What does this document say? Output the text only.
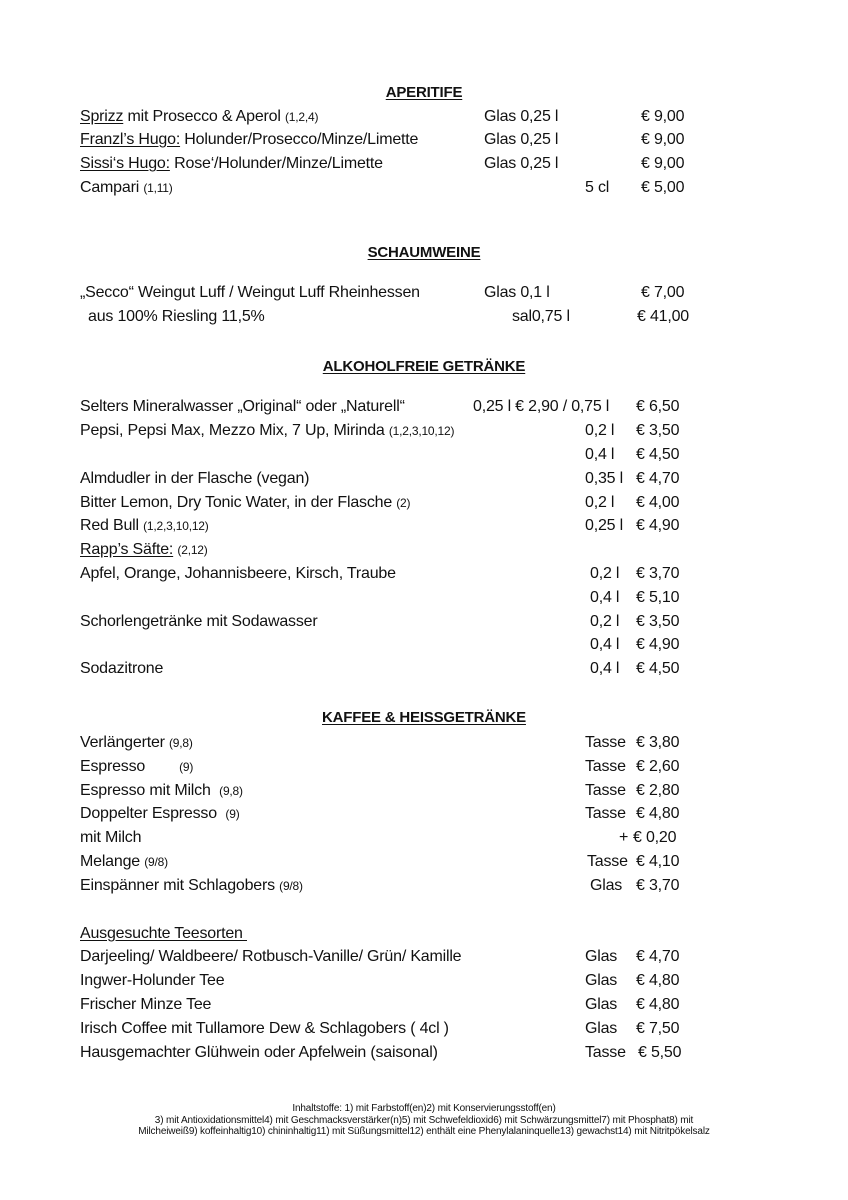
APERITIFE
Sprizz mit Prosecco & Aperol (1,2,4)	Glas 0,25 l	€ 9,00
Franzl’s Hugo: Holunder/Prosecco/Minze/Limette	Glas 0,25 l	€ 9,00
Sissi‘s Hugo: Rose‘/Holunder/Minze/Limette	Glas 0,25 l	€ 9,00
Campari (1,11)	5 cl € 5,00
SCHAUMWEINE
„Secco“ Weingut Luff / Weingut Luff Rheinhessen	Glas 0,1 l	€ 7,00
aus 100% Riesling 11,5%	sal0,75 l	€ 41,00
ALKOHOLFREIE GETRÄNKE
Selters Mineralwasser „Original“ oder „Naturell“	0,25 l € 2,90 / 0,75 l € 6,50
Pepsi, Pepsi Max, Mezzo Mix, 7 Up, Mirinda (1,2,3,10,12)	0,2 l € 3,50
0,4 l € 4,50
Almdudler in der Flasche (vegan)	0,35 l € 4,70
Bitter Lemon, Dry Tonic Water, in der Flasche (2)	0,2 l € 4,00
Red Bull (1,2,3,10,12)	0,25 l € 4,90
Rapp’s Säfte: (2,12)
Apfel, Orange, Johannisbeere, Kirsch, Traube	0,2 l € 3,70
0,4 l € 5,10
Schorlengetränke mit Sodawasser	0,2 l € 3,50
0,4 l € 4,90
Sodazitrone	0,4 l € 4,50
KAFFEE & HEISSGETRÄNKE
Verlängerter (9,8)	Tasse € 3,80
Espresso        (9)	Tasse € 2,60
Espresso mit Milch  (9,8)	Tasse € 2,80
Doppelter Espresso  (9)	Tasse € 4,80
mit Milch	+ € 0,20
Melange (9/8)	Tasse € 4,10
Einspänner mit Schlagobers (9/8)	Glas € 3,70
Ausgesuchte Teesorten
Darjeeling/ Waldbeere/ Rotbusch-Vanille/ Grün/ Kamille	Glas € 4,70
Ingwer-Holunder Tee	Glas € 4,80
Frischer Minze Tee	Glas € 4,80
Irisch Coffee mit Tullamore Dew & Schlagobers ( 4cl )	Glas € 7,50
Hausgemachter Glühwein oder Apfelwein (saisonal)	Tasse € 5,50
Inhaltstoffe: 1) mit Farbstoff(en)2) mit Konservierungsstoff(en)
3) mit Antioxidationsmittel4) mit Geschmacksverstärker(n)5) mit Schwefeldioxid6) mit Schwärzungsmittel7) mit Phosphat8) mit
Milcheiweiß9) koffeinhaltig10) chininhaltig11) mit Süßungsmittel12) enthält eine Phenylalaninquelle13) gewachst14) mit Nitritpökelsalz
